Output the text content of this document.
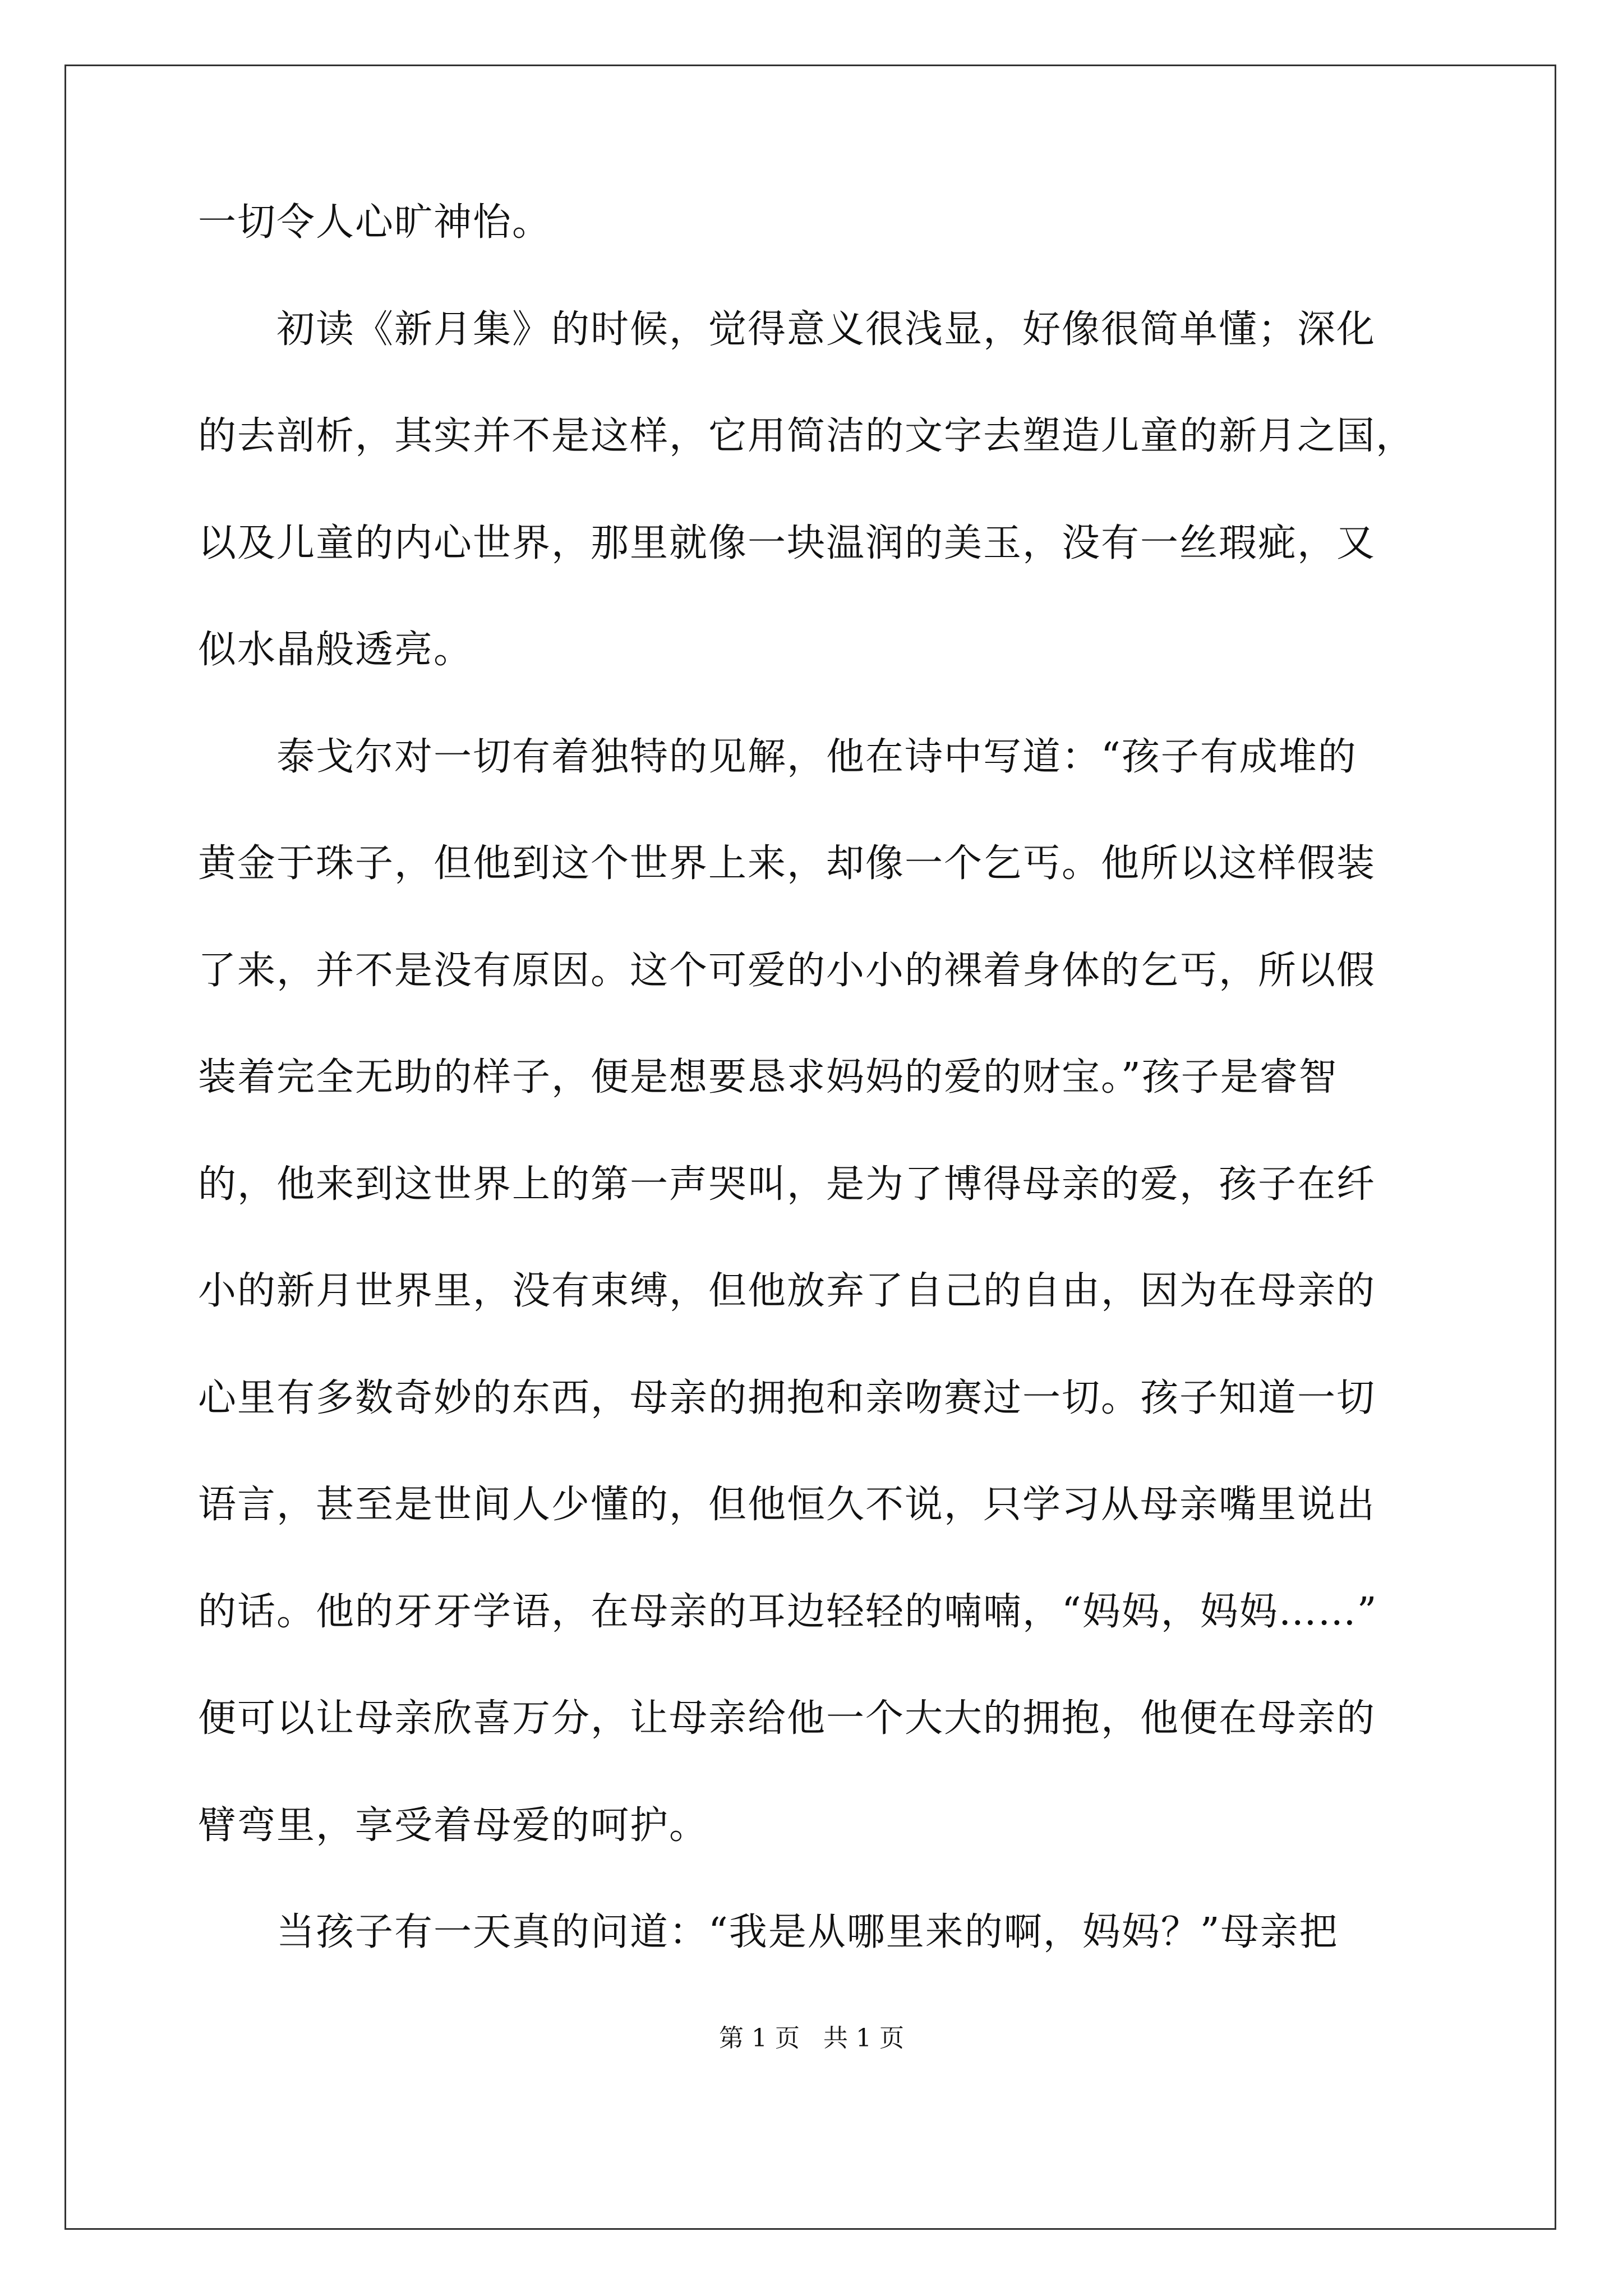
一切令人心旷神怡。
　　初读《新月集》的时候，觉得意义很浅显，好像很简单懂；深化
的去剖析，其实并不是这样，它用简洁的文字去塑造儿童的新月之国，
以及儿童的内心世界，那里就像一块温润的美玉，没有一丝瑕疵，又
似水晶般透亮。
　　泰戈尔对一切有着独特的见解，他在诗中写道：“孩子有成堆的
黄金于珠子，但他到这个世界上来，却像一个乞丐。他所以这样假装
了来，并不是没有原因。这个可爱的小小的裸着身体的乞丐，所以假
装着完全无助的样子，便是想要恳求妈妈的爱的财宝。”孩子是睿智
的，他来到这世界上的第一声哭叫，是为了博得母亲的爱，孩子在纤
小的新月世界里，没有束缚，但他放弃了自己的自由，因为在母亲的
心里有多数奇妙的东西，母亲的拥抱和亲吻赛过一切。孩子知道一切
语言，甚至是世间人少懂的，但他恒久不说，只学习从母亲嘴里说出
的话。他的牙牙学语，在母亲的耳边轻轻的喃喃，“妈妈，妈妈……”
便可以让母亲欣喜万分，让母亲给他一个大大的拥抱，他便在母亲的
臂弯里，享受着母爱的呵护。
　　当孩子有一天真的问道：“我是从哪里来的啊，妈妈？”母亲把
第 1 页   共 1 页
